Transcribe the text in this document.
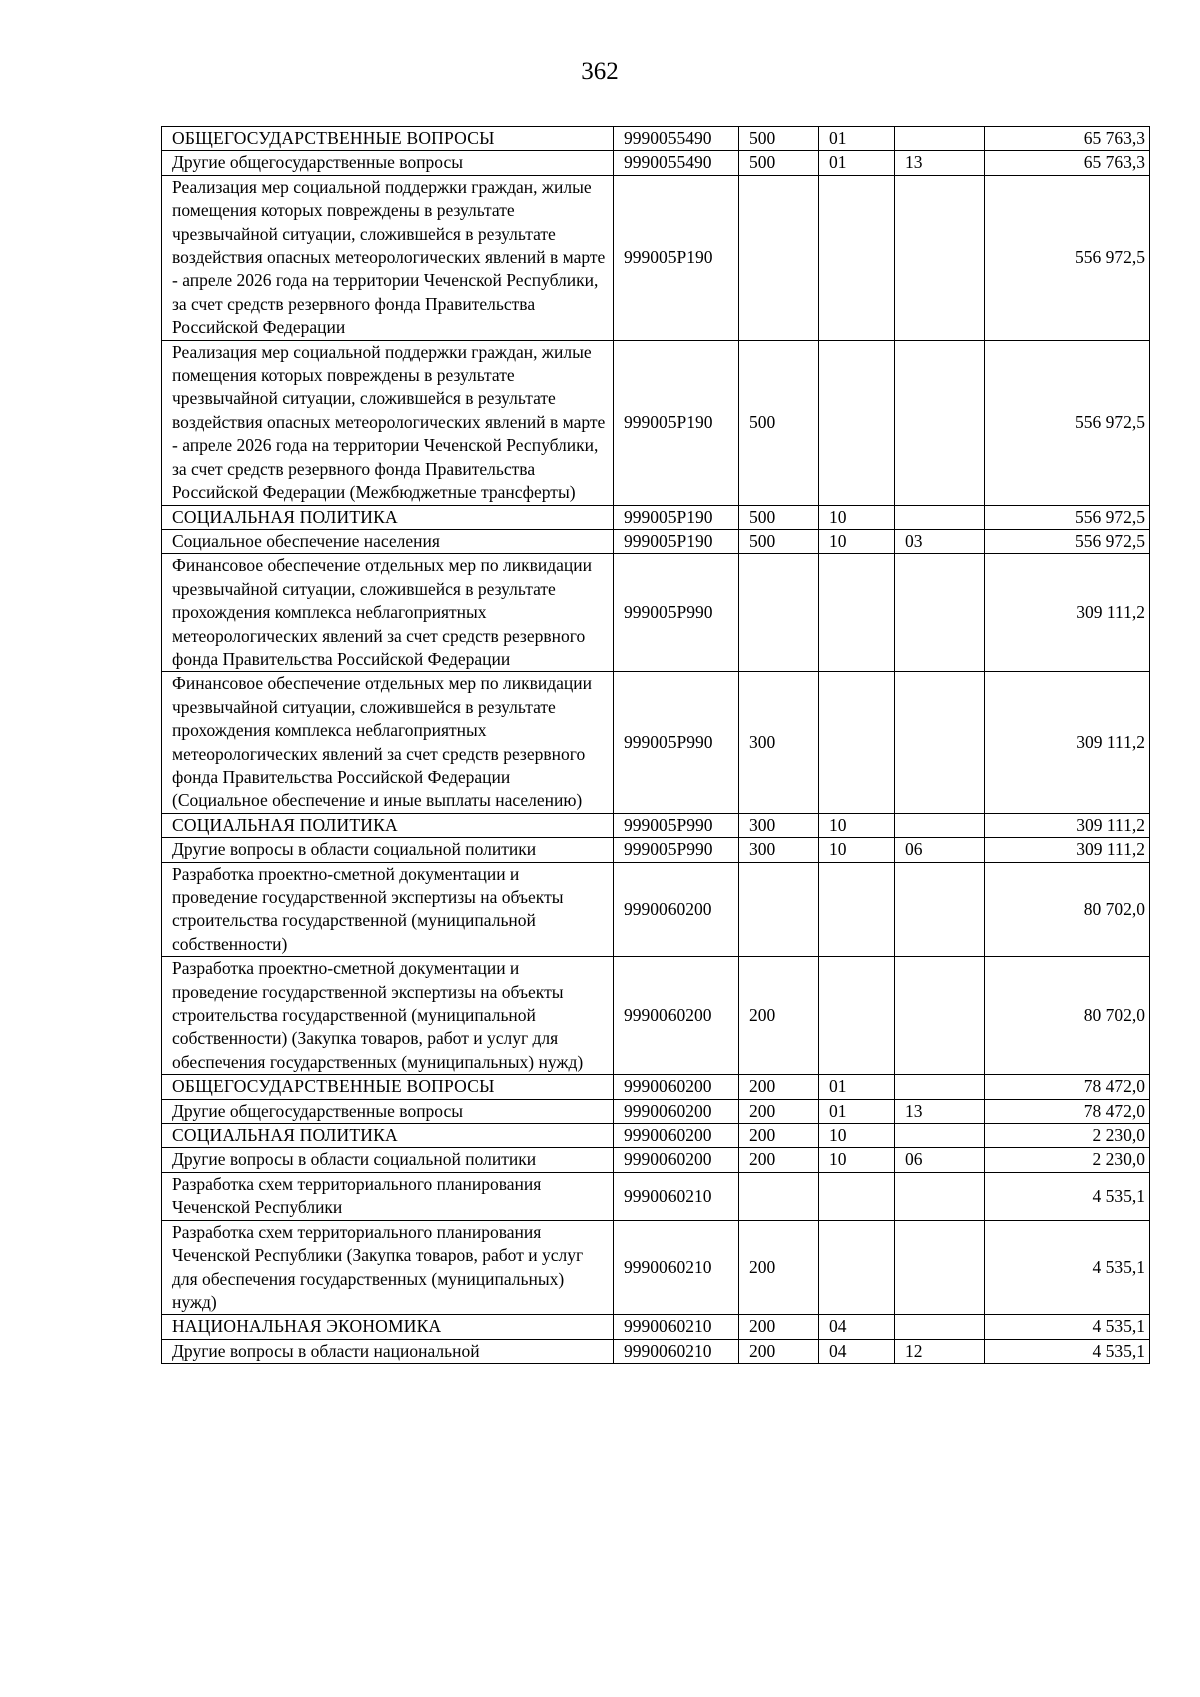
362
ОБЩЕГОСУДАРСТВЕННЫЕ ВОПРОСЫ	9990055490	500	01		65 763,3
Другие общегосударственные вопросы	9990055490	500	01	13	65 763,3
Реализация мер социальной поддержки граждан, жилые помещения которых повреждены в результате чрезвычайной ситуации, сложившейся в результате воздействия опасных метеорологических явлений в марте - апреле 2026 года на территории Чеченской Республики, за счет средств резервного фонда Правительства Российской Федерации	999005Р190				556 972,5
Реализация мер социальной поддержки граждан, жилые помещения которых повреждены в результате чрезвычайной ситуации, сложившейся в результате воздействия опасных метеорологических явлений в марте - апреле 2026 года на территории Чеченской Республики, за счет средств резервного фонда Правительства Российской Федерации (Межбюджетные трансферты)	999005Р190	500			556 972,5
СОЦИАЛЬНАЯ ПОЛИТИКА	999005Р190	500	10		556 972,5
Социальное обеспечение населения	999005Р190	500	10	03	556 972,5
Финансовое обеспечение отдельных мер по ликвидации чрезвычайной ситуации, сложившейся в результате прохождения комплекса неблагоприятных метеорологических явлений за счет средств резервного фонда Правительства Российской Федерации	999005Р990				309 111,2
Финансовое обеспечение отдельных мер по ликвидации чрезвычайной ситуации, сложившейся в результате прохождения комплекса неблагоприятных метеорологических явлений за счет средств резервного фонда Правительства Российской Федерации (Социальное обеспечение и иные выплаты населению)	999005Р990	300			309 111,2
СОЦИАЛЬНАЯ ПОЛИТИКА	999005Р990	300	10		309 111,2
Другие вопросы в области социальной политики	999005Р990	300	10	06	309 111,2
Разработка проектно-сметной документации и проведение государственной экспертизы на объекты строительства государственной (муниципальной собственности)	9990060200				80 702,0
Разработка проектно-сметной документации и проведение государственной экспертизы на объекты строительства государственной (муниципальной собственности) (Закупка товаров, работ и услуг для обеспечения государственных (муниципальных) нужд)	9990060200	200			80 702,0
ОБЩЕГОСУДАРСТВЕННЫЕ ВОПРОСЫ	9990060200	200	01		78 472,0
Другие общегосударственные вопросы	9990060200	200	01	13	78 472,0
СОЦИАЛЬНАЯ ПОЛИТИКА	9990060200	200	10		2 230,0
Другие вопросы в области социальной политики	9990060200	200	10	06	2 230,0
Разработка схем территориального планирования Чеченской Республики	9990060210				4 535,1
Разработка схем территориального планирования Чеченской Республики (Закупка товаров, работ и услуг для обеспечения государственных (муниципальных) нужд)	9990060210	200			4 535,1
НАЦИОНАЛЬНАЯ ЭКОНОМИКА	9990060210	200	04		4 535,1
Другие вопросы в области национальной	9990060210	200	04	12	4 535,1
